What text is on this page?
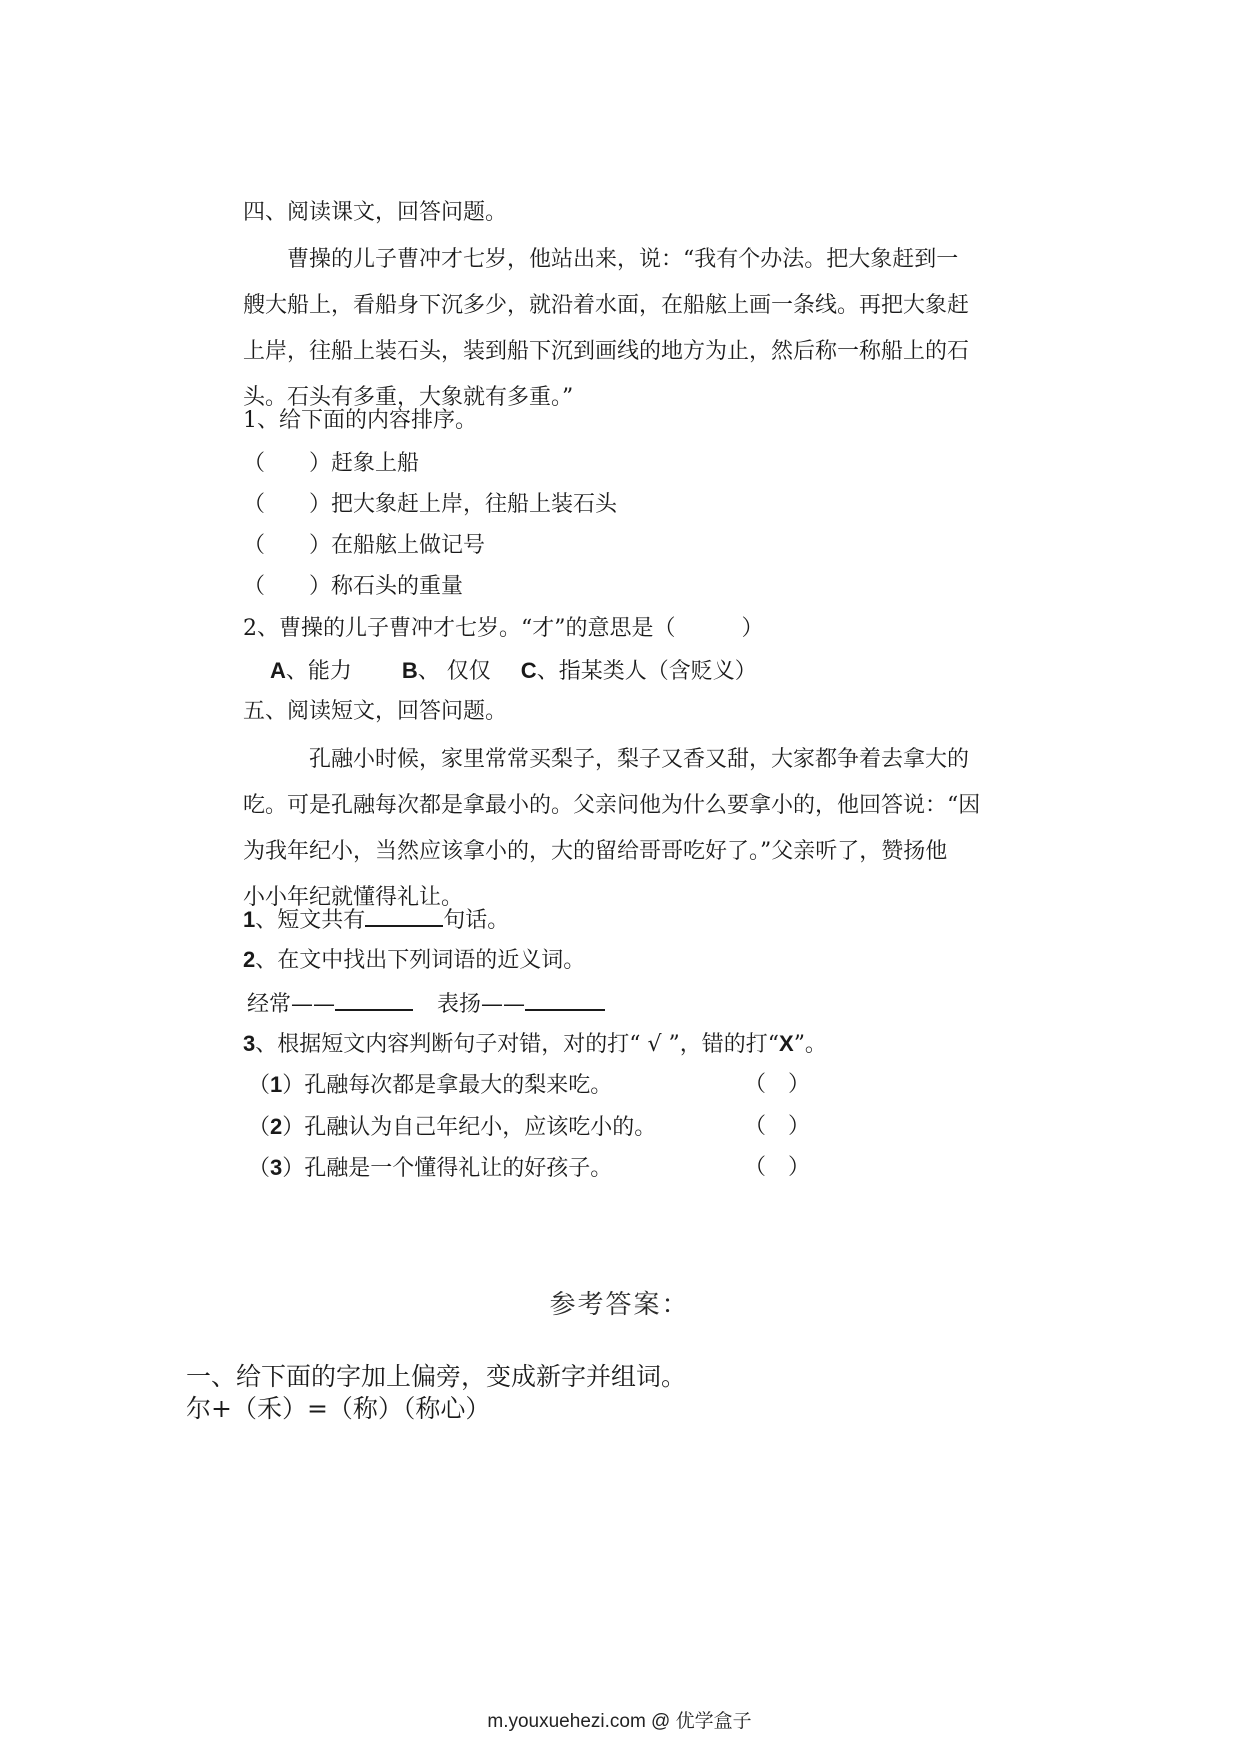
四、阅读课文，回答问题。
曹操的儿子曹冲才七岁，他站出来，说：“我有个办法。把大象赶到一
艘大船上，看船身下沉多少，就沿着水面，在船舷上画一条线。再把大象赶
上岸，往船上装石头，装到船下沉到画线的地方为止，然后称一称船上的石
头。石头有多重，大象就有多重。”
1、给下面的内容排序。
（　　）赶象上船
（　　）把大象赶上岸，往船上装石头
（　　）在船舷上做记号
（　　）称石头的重量
2、曹操的儿子曹冲才七岁。“才”的意思是（　　　）
A、能力 B、 仅仅 C、指某类人（含贬义）
五、阅读短文，回答问题。
孔融小时候，家里常常买梨子，梨子又香又甜，大家都争着去拿大的
吃。可是孔融每次都是拿最小的。父亲问他为什么要拿小的，他回答说：“因
为我年纪小，当然应该拿小的，大的留给哥哥吃好了。”父亲听了，赞扬他
小小年纪就懂得礼让。
1、短文共有	句话。
2、在文中找出下列词语的近义词。
经常——	表扬——
3、根据短文内容判断句子对错，对的打“ √ ”，错的打“X”。
（1）孔融每次都是拿最大的梨来吃。	（　）
（2）孔融认为自己年纪小，应该吃小的。	（　）
（3）孔融是一个懂得礼让的好孩子。	（　）
参考答案：
一、给下面的字加上偏旁，变成新字并组词。
尔+（禾）=（称）（称心）
m.youxuehezi.com @ 优学盒子
